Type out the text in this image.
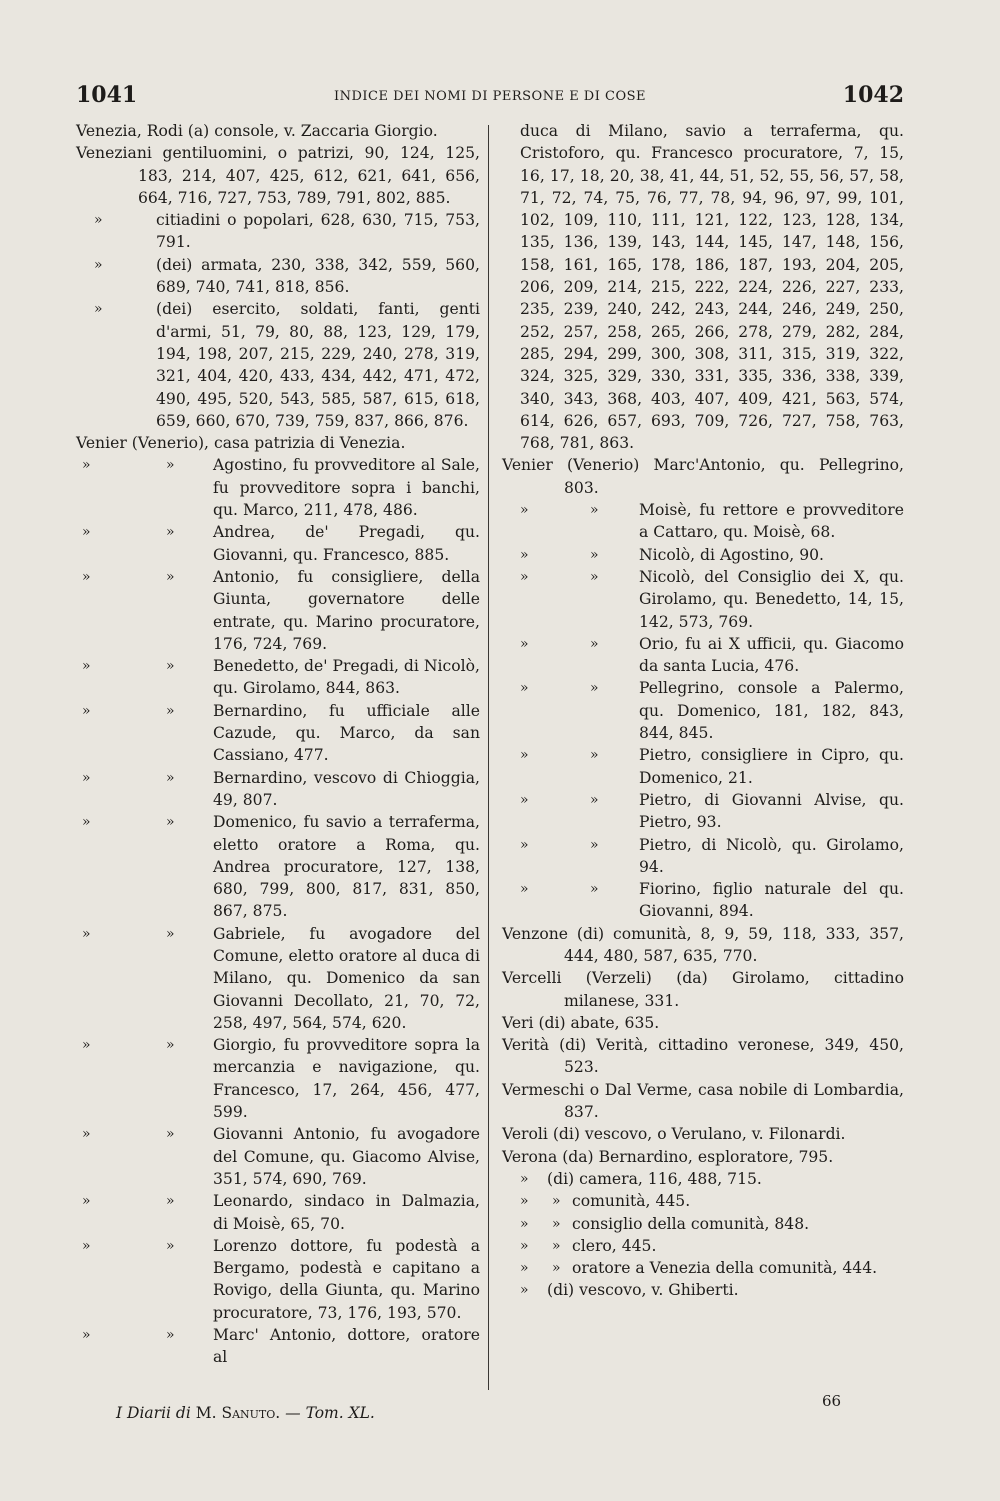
1041	INDICE DEI NOMI DI PERSONE E DI COSE	1042
Venezia, Rodi (a) console, v. Zaccaria Giorgio.
Veneziani gentiluomini, o patrizi, 90, 124, 125, 183, 214, 407, 425, 612, 621, 641, 656, 664, 716, 727, 753, 789, 791, 802, 885.
»	citiadini o popolari, 628, 630, 715, 753, 791.
»	(dei) armata, 230, 338, 342, 559, 560, 689, 740, 741, 818, 856.
»	(dei) esercito, soldati, fanti, genti d'armi, 51, 79, 80, 88, 123, 129, 179, 194, 198, 207, 215, 229, 240, 278, 319, 321, 404, 420, 433, 434, 442, 471, 472, 490, 495, 520, 543, 585, 587, 615, 618, 659, 660, 670, 739, 759, 837, 866, 876.
Venier (Venerio), casa patrizia di Venezia.
»	» Agostino, fu provveditore al Sale, fu provveditore sopra i banchi, qu. Marco, 211, 478, 486.
»	» Andrea, de' Pregadi, qu. Giovanni, qu. Francesco, 885.
»	» Antonio, fu consigliere, della Giunta, governatore delle entrate, qu. Marino procuratore, 176, 724, 769.
»	» Benedetto, de' Pregadi, di Nicolò, qu. Girolamo, 844, 863.
»	» Bernardino, fu ufficiale alle Cazude, qu. Marco, da san Cassiano, 477.
»	» Bernardino, vescovo di Chioggia, 49, 807.
»	» Domenico, fu savio a terraferma, eletto oratore a Roma, qu. Andrea procuratore, 127, 138, 680, 799, 800, 817, 831, 850, 867, 875.
»	» Gabriele, fu avogadore del Comune, eletto oratore al duca di Milano, qu. Domenico da san Giovanni Decollato, 21, 70, 72, 258, 497, 564, 574, 620.
»	» Giorgio, fu provveditore sopra la mercanzia e navigazione, qu. Francesco, 17, 264, 456, 477, 599.
»	» Giovanni Antonio, fu avogadore del Comune, qu. Giacomo Alvise, 351, 574, 690, 769.
»	» Leonardo, sindaco in Dalmazia, di Moisè, 65, 70.
»	» Lorenzo dottore, fu podestà a Bergamo, podestà e capitano a Rovigo, della Giunta, qu. Marino procuratore, 73, 176, 193, 570.
»	» Marc' Antonio, dottore, oratore al
duca di Milano, savio a terraferma, qu. Cristoforo, qu. Francesco procuratore, 7, 15, 16, 17, 18, 20, 38, 41, 44, 51, 52, 55, 56, 57, 58, 71, 72, 74, 75, 76, 77, 78, 94, 96, 97, 99, 101, 102, 109, 110, 111, 121, 122, 123, 128, 134, 135, 136, 139, 143, 144, 145, 147, 148, 156, 158, 161, 165, 178, 186, 187, 193, 204, 205, 206, 209, 214, 215, 222, 224, 226, 227, 233, 235, 239, 240, 242, 243, 244, 246, 249, 250, 252, 257, 258, 265, 266, 278, 279, 282, 284, 285, 294, 299, 300, 308, 311, 315, 319, 322, 324, 325, 329, 330, 331, 335, 336, 338, 339, 340, 343, 368, 403, 407, 409, 421, 563, 574, 614, 626, 657, 693, 709, 726, 727, 758, 763, 768, 781, 863.
Venier (Venerio) Marc'Antonio, qu. Pellegrino, 803.
»	»	Moisè, fu rettore e provveditore a Cattaro, qu. Moisè, 68.
»	»	Nicolò, di Agostino, 90.
»	»	Nicolò, del Consiglio dei X, qu. Girolamo, qu. Benedetto, 14, 15, 142, 573, 769.
»	»	Orio, fu ai X ufficii, qu. Giacomo da santa Lucia, 476.
»	»	Pellegrino, console a Palermo, qu. Domenico, 181, 182, 843, 844, 845.
»	»	Pietro, consigliere in Cipro, qu. Domenico, 21.
»	»	Pietro, di Giovanni Alvise, qu. Pietro, 93.
»	»	Pietro, di Nicolò, qu. Girolamo, 94.
»	»	Fiorino, figlio naturale del qu. Giovanni, 894.
Venzone (di) comunità, 8, 9, 59, 118, 333, 357, 444, 480, 587, 635, 770.
Vercelli (Verzeli) (da) Girolamo, cittadino milanese, 331.
Veri (di) abate, 635.
Verità (di) Verità, cittadino veronese, 349, 450, 523.
Vermeschi o Dal Verme, casa nobile di Lombardia, 837.
Veroli (di) vescovo, o Verulano, v. Filonardi.
Verona (da) Bernardino, esploratore, 795.
» (di) camera, 116, 488, 715.
» » comunità, 445.
» » consiglio della comunità, 848.
» » clero, 445.
» » oratore a Venezia della comunità, 444.
» (di) vescovo, v. Ghiberti.
I Diarii di M. Sanuto. — Tom. XL.
66
